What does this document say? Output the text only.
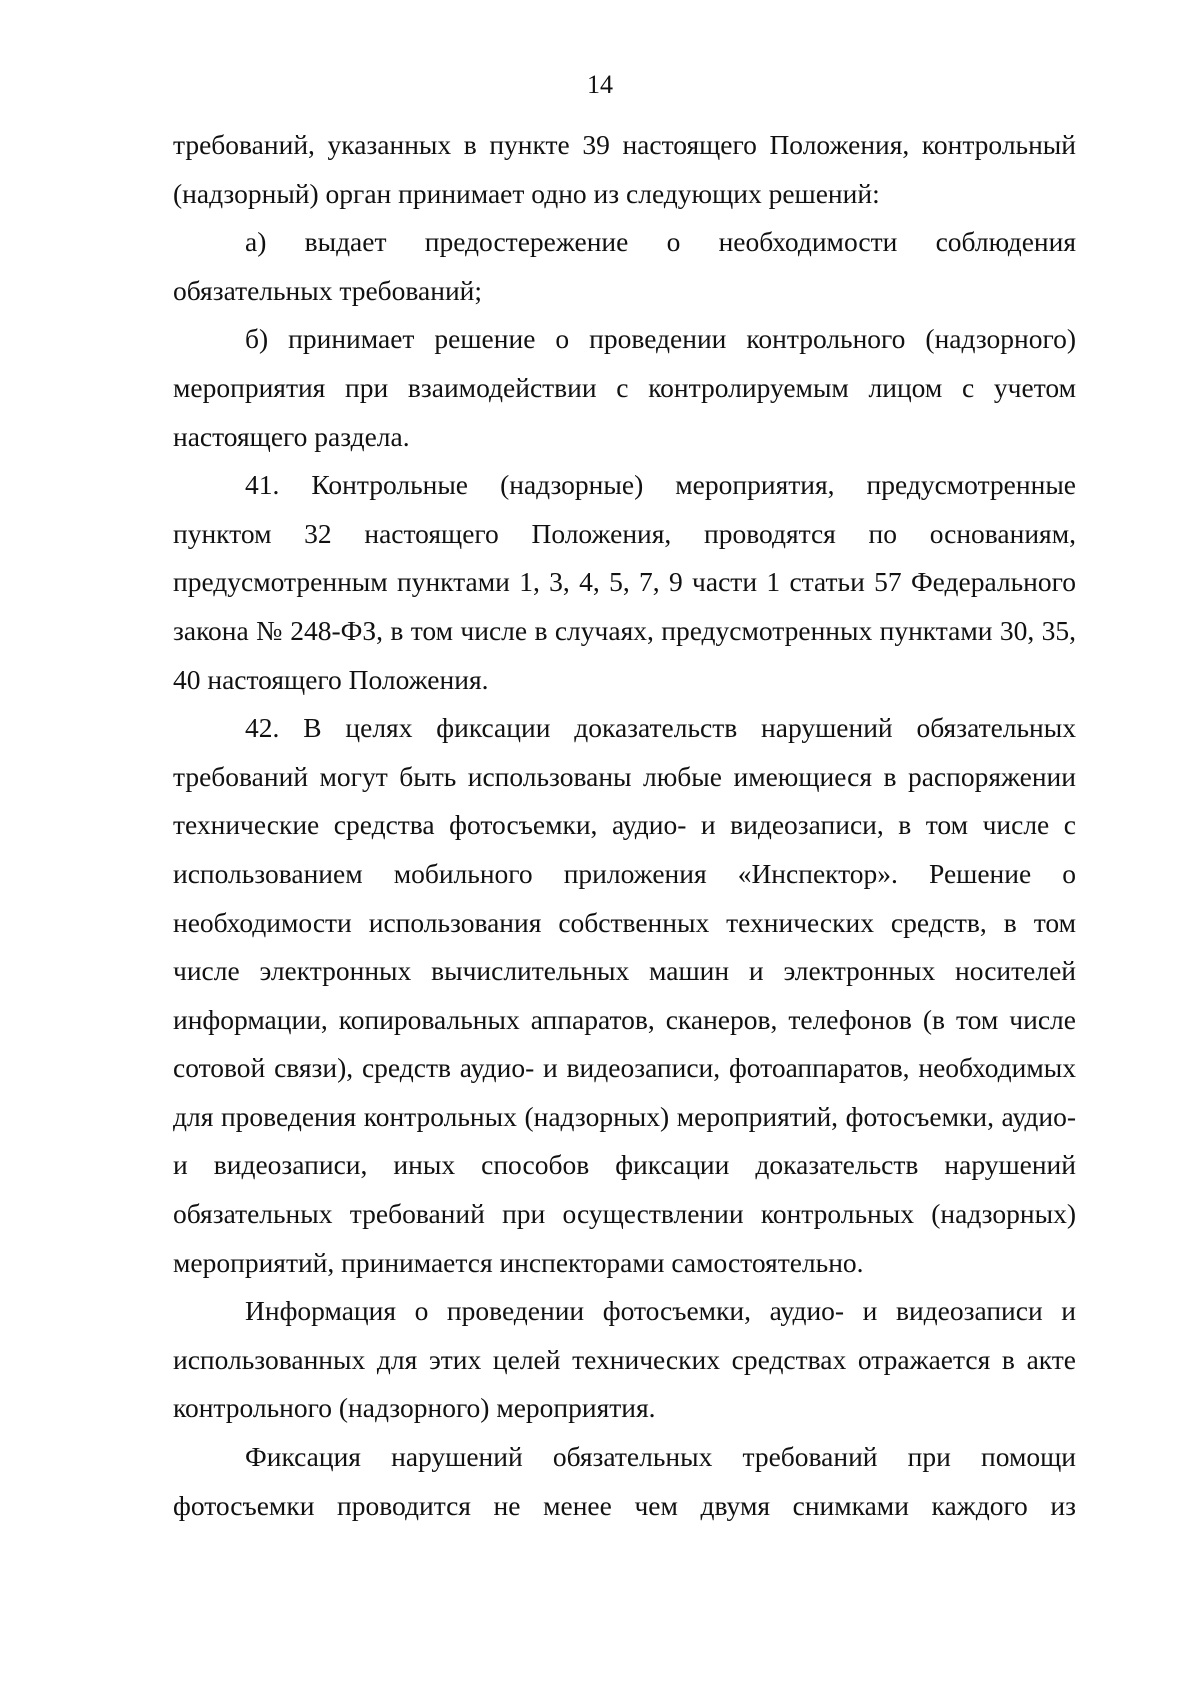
14

требований, указанных в пункте 39 настоящего Положения, контрольный (надзорный) орган принимает одно из следующих решений:

а) выдает предостережение о необходимости соблюдения обязательных требований;

б) принимает решение о проведении контрольного (надзорного) мероприятия при взаимодействии с контролируемым лицом с учетом настоящего раздела.

41. Контрольные (надзорные) мероприятия, предусмотренные пунктом 32 настоящего Положения, проводятся по основаниям, предусмотренным пунктами 1, 3, 4, 5, 7, 9 части 1 статьи 57 Федерального закона № 248-ФЗ, в том числе в случаях, предусмотренных пунктами 30, 35, 40 настоящего Положения.

42. В целях фиксации доказательств нарушений обязательных требований могут быть использованы любые имеющиеся в распоряжении технические средства фотосъемки, аудио- и видеозаписи, в том числе с использованием мобильного приложения «Инспектор». Решение о необходимости использования собственных технических средств, в том числе электронных вычислительных машин и электронных носителей информации, копировальных аппаратов, сканеров, телефонов (в том числе сотовой связи), средств аудио- и видеозаписи, фотоаппаратов, необходимых для проведения контрольных (надзорных) мероприятий, фотосъемки, аудио- и видеозаписи, иных способов фиксации доказательств нарушений обязательных требований при осуществлении контрольных (надзорных) мероприятий, принимается инспекторами самостоятельно.

Информация о проведении фотосъемки, аудио- и видеозаписи и использованных для этих целей технических средствах отражается в акте контрольного (надзорного) мероприятия.

Фиксация нарушений обязательных требований при помощи фотосъемки проводится не менее чем двумя снимками каждого из
